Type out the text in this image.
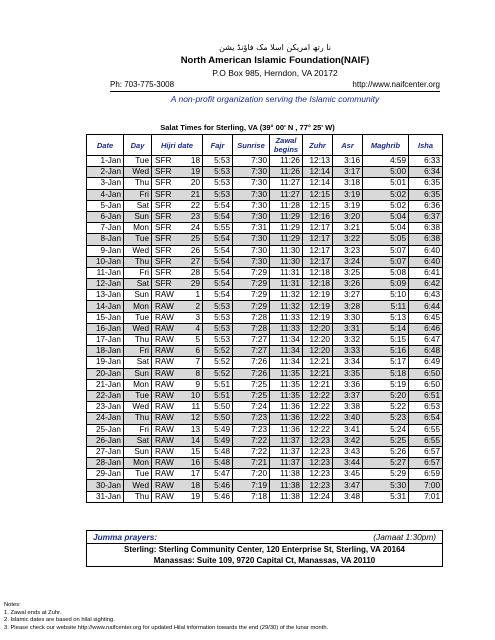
نا رتھ امریکن اسلا مک فاؤنڈ یشن
North American Islamic Foundation(NAIF)
P.O Box 985, Herndon, VA 20172
Ph: 703-775-3008	http://www.naifcenter.org
A non-profit organization serving the Islamic community
Salat Times for Sterling, VA (39° 00' N , 77° 25' W)
Date	Day	Hijri date		Fajr	Sunrise	Zawal begins	Zuhr	Asr	Maghrib	Isha
1-Jan	Tue	SFR	18	5:53	7:30	11:26	12:13	3:16	4:59	6:33
2-Jan	Wed	SFR	19	5:53	7:30	11:26	12:14	3:17	5:00	6:34
3-Jan	Thu	SFR	20	5:53	7:30	11:27	12:14	3:18	5:01	6:35
4-Jan	Fri	SFR	21	5:53	7:30	11:27	12:15	3:19	5:02	6:35
5-Jan	Sat	SFR	22	5:54	7:30	11:28	12:15	3:19	5:02	6:36
6-Jan	Sun	SFR	23	5:54	7:30	11:29	12:16	3:20	5:04	6:37
7-Jan	Mon	SFR	24	5:55	7:31	11:29	12:17	3:21	5:04	6:38
8-Jan	Tue	SFR	25	5:54	7:30	11:29	12:17	3:22	5:05	6:38
9-Jan	Wed	SFR	26	5:54	7:30	11:30	12:17	3:23	5:07	6:40
10-Jan	Thu	SFR	27	5:54	7:30	11:30	12:17	3:24	5:07	6:40
11-Jan	Fri	SFR	28	5:54	7:29	11:31	12:18	3:25	5:08	6:41
12-Jan	Sat	SFR	29	5:54	7:29	11:31	12:18	3:26	5:09	6:42
13-Jan	Sun	RAW	1	5:54	7:29	11:32	12:19	3:27	5:10	6:43
14-Jan	Mon	RAW	2	5:53	7:29	11:32	12:19	3:28	5:11	6:44
15-Jan	Tue	RAW	3	5:53	7:28	11:33	12:19	3:30	5:13	6:45
16-Jan	Wed	RAW	4	5:53	7:28	11:33	12:20	3:31	5:14	6:46
17-Jan	Thu	RAW	5	5:53	7:27	11:34	12:20	3:32	5:15	6:47
18-Jan	Fri	RAW	6	5:52	7:27	11:34	12:20	3:33	5:16	6:48
19-Jan	Sat	RAW	7	5:52	7:26	11:34	12:21	3:34	5:17	6:49
20-Jan	Sun	RAW	8	5:52	7:26	11:35	12:21	3:35	5:18	6:50
21-Jan	Mon	RAW	9	5:51	7:25	11:35	12:21	3:36	5:19	6:50
22-Jan	Tue	RAW	10	5:51	7:25	11:35	12:22	3:37	5:20	6:51
23-Jan	Wed	RAW	11	5:50	7:24	11:36	12:22	3:38	5:22	6:53
24-Jan	Thu	RAW	12	5:50	7:23	11:36	12:22	3:40	5:23	6:54
25-Jan	Fri	RAW	13	5:49	7:23	11:36	12:22	3:41	5:24	6:55
26-Jan	Sat	RAW	14	5:49	7:22	11:37	12:23	3:42	5:25	6:55
27-Jan	Sun	RAW	15	5:48	7:22	11:37	12:23	3:43	5:26	6:57
28-Jan	Mon	RAW	16	5:48	7:21	11:37	12:23	3:44	5:27	6:57
29-Jan	Tue	RAW	17	5:47	7:20	11:38	12:23	3:45	5:29	6:59
30-Jan	Wed	RAW	18	5:46	7:19	11:38	12:23	3:47	5:30	7:00
31-Jan	Thu	RAW	19	5:46	7:18	11:38	12:24	3:48	5:31	7:01
Jumma prayers:	(Jamaat 1:30pm)
Sterling: Sterling Community Center, 120 Enterprise St, Sterling, VA 20164
Manassas: Suite 109, 9720 Capital Ct, Manassas, VA 20110
Notes:
1. Zawal ends at Zuhr.
2. Islamic dates are based on hilal sighting.
3. Please check our website http://www.naifcenter.org for updated Hilal information towards the end (29/30) of the lunar month.
